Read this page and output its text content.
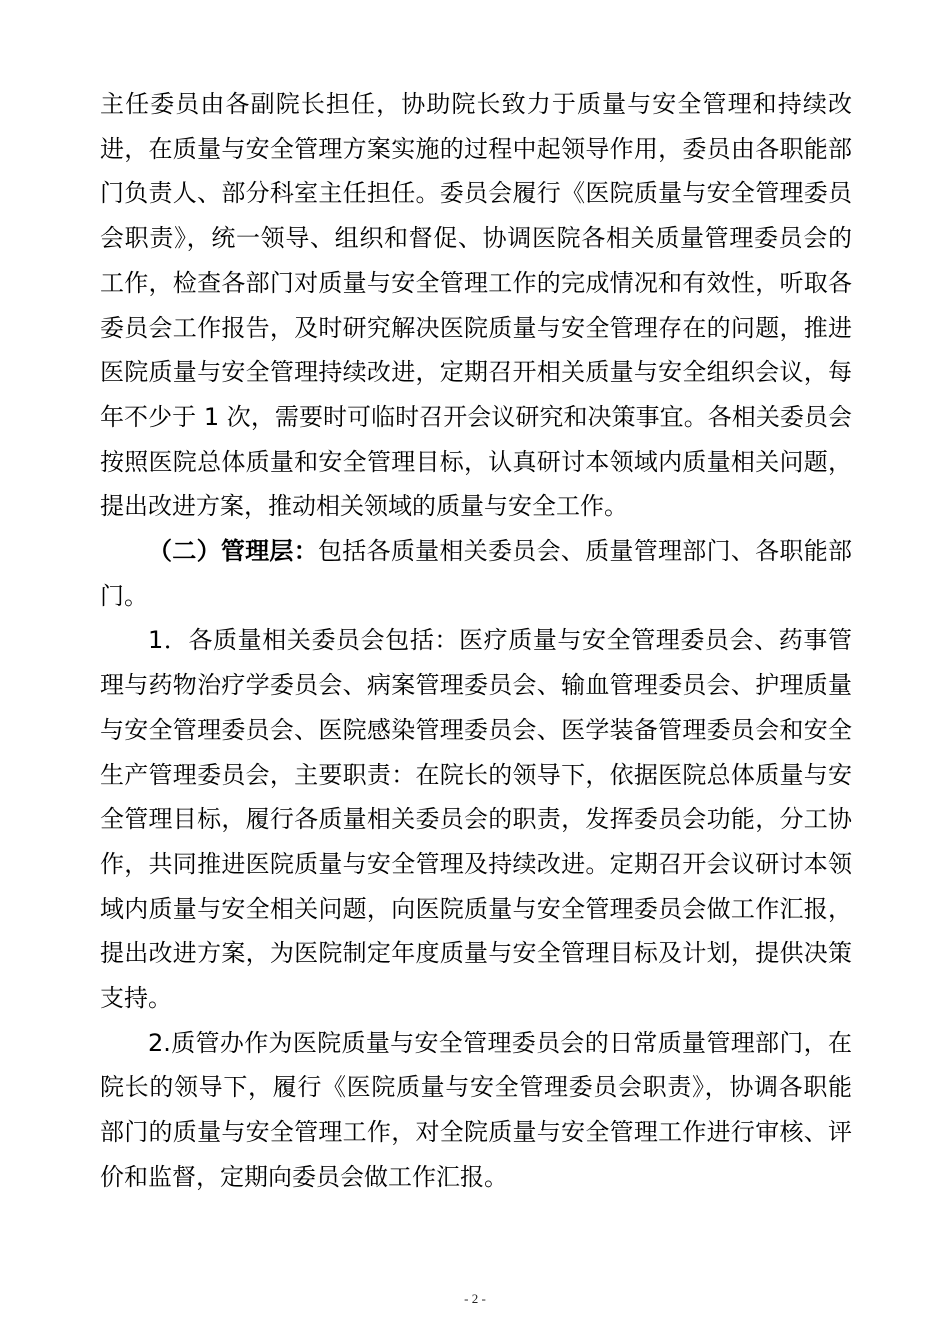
主任委员由各副院长担任，协助院长致力于质量与安全管理和持续改进，在质量与安全管理方案实施的过程中起领导作用，委员由各职能部门负责人、部分科室主任担任。委员会履行《医院质量与安全管理委员会职责》，统一领导、组织和督促、协调医院各相关质量管理委员会的工作，检查各部门对质量与安全管理工作的完成情况和有效性，听取各委员会工作报告，及时研究解决医院质量与安全管理存在的问题，推进医院质量与安全管理持续改进，定期召开相关质量与安全组织会议，每年不少于 1 次，需要时可临时召开会议研究和决策事宜。各相关委员会按照医院总体质量和安全管理目标，认真研讨本领域内质量相关问题，提出改进方案，推动相关领域的质量与安全工作。

（二）管理层：包括各质量相关委员会、质量管理部门、各职能部门。

1．各质量相关委员会包括：医疗质量与安全管理委员会、药事管理与药物治疗学委员会、病案管理委员会、输血管理委员会、护理质量与安全管理委员会、医院感染管理委员会、医学装备管理委员会和安全生产管理委员会，主要职责：在院长的领导下，依据医院总体质量与安全管理目标，履行各质量相关委员会的职责，发挥委员会功能，分工协作，共同推进医院质量与安全管理及持续改进。定期召开会议研讨本领域内质量与安全相关问题，向医院质量与安全管理委员会做工作汇报，提出改进方案，为医院制定年度质量与安全管理目标及计划，提供决策支持。

2.质管办作为医院质量与安全管理委员会的日常质量管理部门，在院长的领导下，履行《医院质量与安全管理委员会职责》，协调各职能部门的质量与安全管理工作，对全院质量与安全管理工作进行审核、评价和监督，定期向委员会做工作汇报。

- 2 -
